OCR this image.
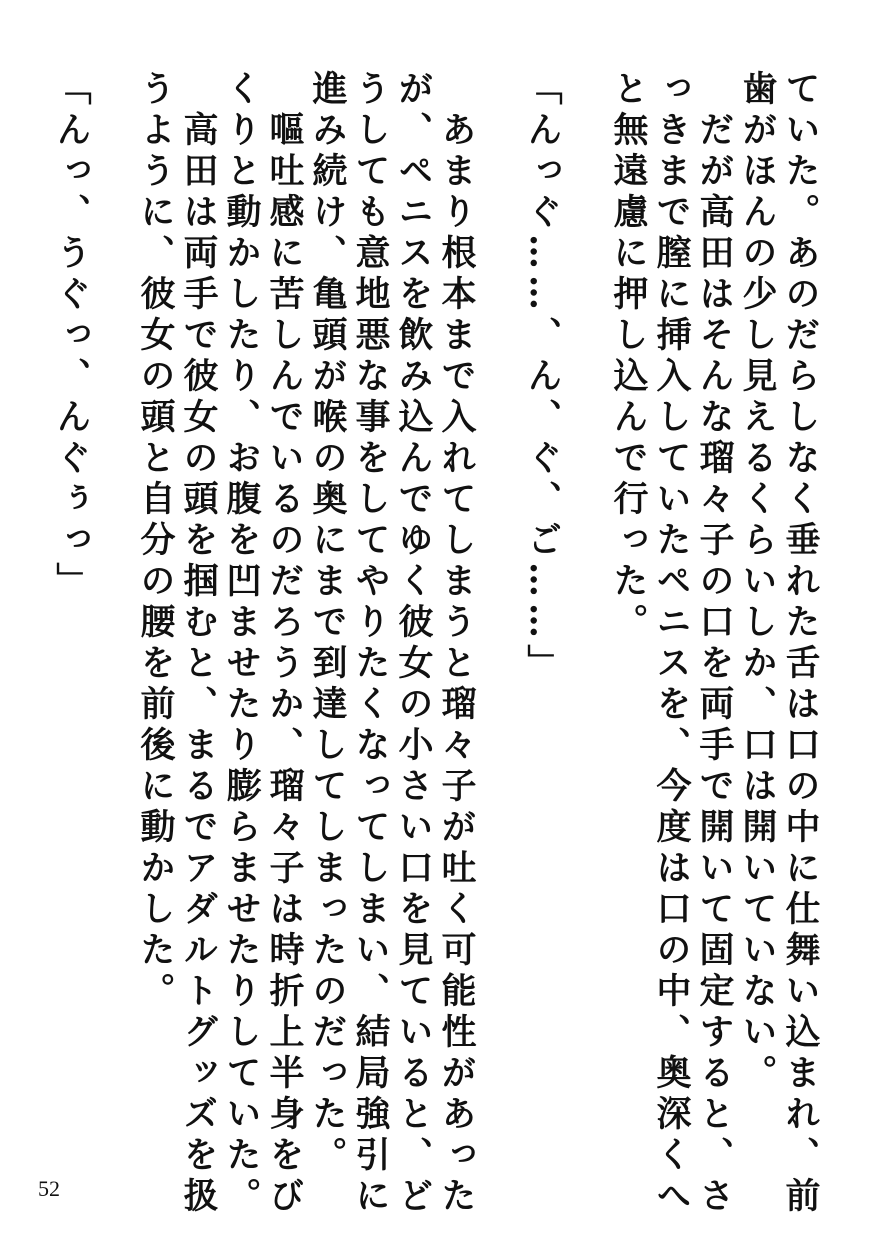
ていた。あのだらしなく垂れた舌は口の中に仕舞い込まれ、前
歯がほんの少し見えるくらいしか、口は開いていない。
　だが高田はそんな瑠々子の口を両手で開いて固定すると、さ
っきまで膣に挿入していたペニスを、今度は口の中、奥深くへ
と無遠慮に押し込んで行った。
「んっぐ……、ん、ぐ、ご……」
　あまり根本まで入れてしまうと瑠々子が吐く可能性があった
が、ペニスを飲み込んでゆく彼女の小さい口を見ていると、ど
うしても意地悪な事をしてやりたくなってしまい、結局強引に
進み続け、亀頭が喉の奥にまで到達してしまったのだった。
　嘔吐感に苦しんでいるのだろうか、瑠々子は時折上半身をび
くりと動かしたり、お腹を凹ませたり膨らませたりしていた。
　高田は両手で彼女の頭を掴むと、まるでアダルトグッズを扱
うように、彼女の頭と自分の腰を前後に動かした。
「んっ、うぐっ、んぐぅっ」
52
